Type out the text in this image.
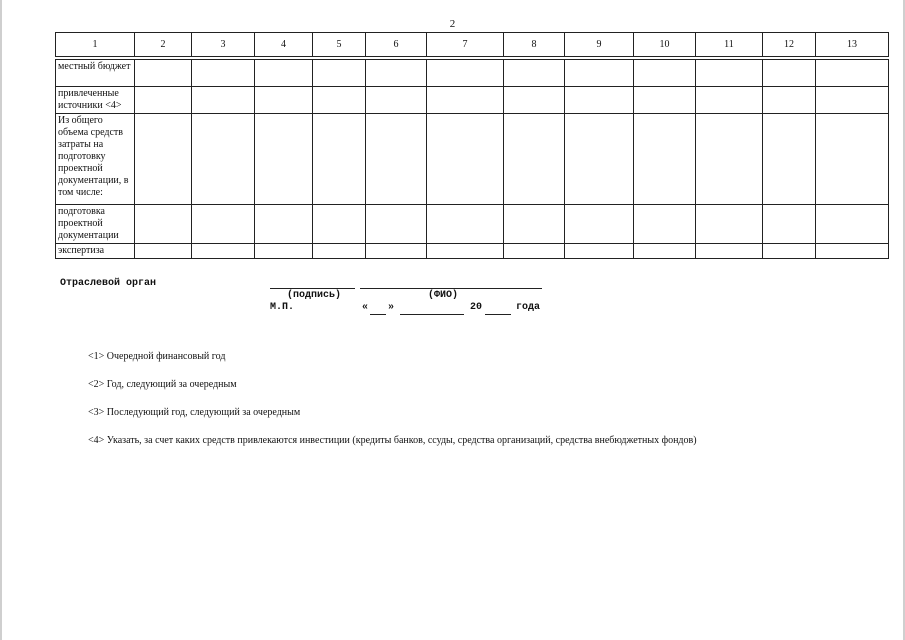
2
1	2	3	4	5	6	7	8	9	10	11	12	13

местный бюджет												
привлеченные источники <4>												
Из общего объема средств затраты на подготовку проектной документации, в том числе:												
подготовка проектной документации												
экспертиза												
Отраслевой орган
(подпись)	(ФИО)
М.П.	« »	20	года
<1> Очередной финансовый год
<2> Год, следующий за очередным
<3> Последующий год, следующий за очередным
<4> Указать, за счет каких средств привлекаются инвестиции (кредиты банков, ссуды, средства организаций, средства внебюджетных фондов)
